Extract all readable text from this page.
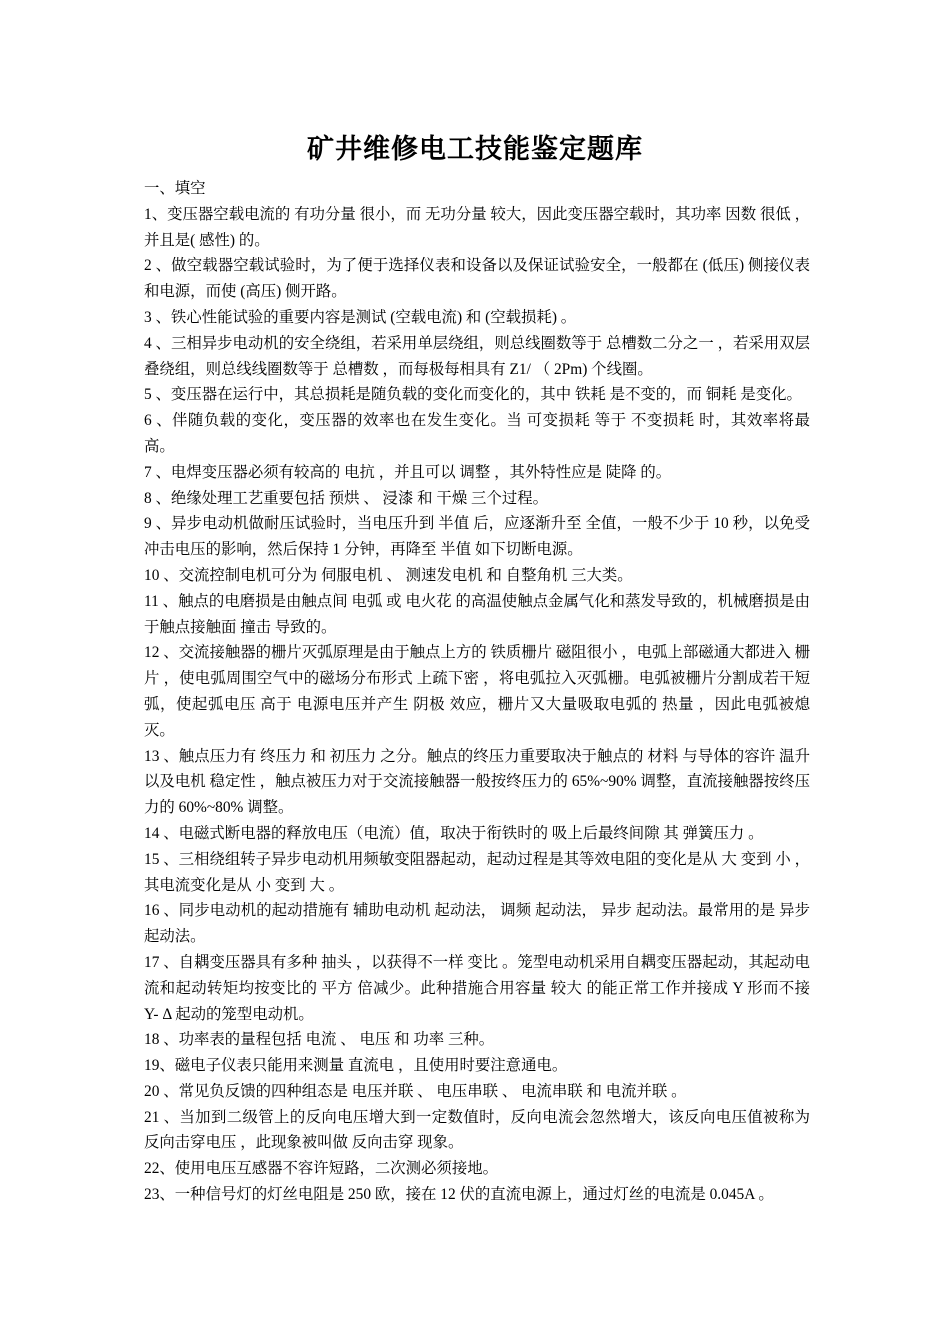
矿井维修电工技能鉴定题库

一、填空

1、变压器空载电流的 有功分量 很小，而 无功分量 较大，因此变压器空载时，其功率 因数 很低 ，并且是( 感性) 的。

2 、做空载器空载试验时，为了便于选择仪表和设备以及保证试验安全，一般都在 (低压) 侧接仪表和电源，而使 (高压) 侧开路。

3 、铁心性能试验的重要内容是测试 (空载电流) 和 (空载损耗) 。

4 、三相异步电动机的安全绕组，若采用单层绕组，则总线圈数等于 总槽数二分之一 ，若采用双层叠绕组，则总线线圈数等于 总槽数 ，而每极每相具有 Z1/ （ 2Pm) 个线圈。

5 、变压器在运行中，其总损耗是随负载的变化而变化的，其中 铁耗 是不变的，而 铜耗 是变化。

6 、伴随负载的变化，变压器的效率也在发生变化。当 可变损耗 等于 不变损耗 时，其效率将最高。

7 、电焊变压器必须有较高的 电抗 ，并且可以 调整 ，其外特性应是 陡降 的。

8 、绝缘处理工艺重要包括 预烘 、 浸漆 和 干燥 三个过程。

9 、异步电动机做耐压试验时，当电压升到 半值 后，应逐渐升至 全值，一般不少于 10 秒，以免受冲击电压的影响，然后保持 1 分钟，再降至 半值 如下切断电源。

10 、交流控制电机可分为 伺服电机 、 测速发电机 和 自整角机 三大类。

11 、触点的电磨损是由触点间 电弧 或 电火花 的高温使触点金属气化和蒸发导致的，机械磨损是由于触点接触面 撞击 导致的。

12 、交流接触器的栅片灭弧原理是由于触点上方的 铁质栅片 磁阻很小 ，电弧上部磁通大都进入 栅片 ，使电弧周围空气中的磁场分布形式 上疏下密 ，将电弧拉入灭弧栅。电弧被栅片分割成若干短弧，使起弧电压 高于 电源电压并产生 阴极 效应，栅片又大量吸取电弧的 热量 ，因此电弧被熄灭。

13 、触点压力有 终压力 和 初压力 之分。触点的终压力重要取决于触点的 材料 与导体的容许 温升 以及电机 稳定性 ，触点被压力对于交流接触器一般按终压力的 65%~90% 调整，直流接触器按终压力的 60%~80% 调整。

14 、电磁式断电器的释放电压（电流）值，取决于衔铁时的 吸上后最终间隙 其 弹簧压力 。

15 、三相绕组转子异步电动机用频敏变阻器起动，起动过程是其等效电阻的变化是从 大 变到 小 ，其电流变化是从 小 变到 大 。

16 、同步电动机的起动措施有 辅助电动机 起动法， 调频 起动法， 异步 起动法。最常用的是 异步 起动法。

17 、自耦变压器具有多种 抽头 ，以获得不一样 变比 。笼型电动机采用自耦变压器起动，其起动电流和起动转矩均按变比的 平方 倍减少。此种措施合用容量 较大 的能正常工作并接成 Y 形而不接 Y- Δ 起动的笼型电动机。

18 、功率表的量程包括 电流 、 电压 和 功率 三种。

19、磁电子仪表只能用来测量 直流电 ，且使用时要注意通电。

20 、常见负反馈的四种组态是 电压并联 、 电压串联 、 电流串联 和 电流并联 。

21 、当加到二级管上的反向电压增大到一定数值时，反向电流会忽然增大，该反向电压值被称为 反向击穿电压 ，此现象被叫做 反向击穿 现象。

22、使用电压互感器不容许短路，二次测必须接地。

23、一种信号灯的灯丝电阻是 250 欧，接在 12 伏的直流电源上，通过灯丝的电流是 0.045A 。
